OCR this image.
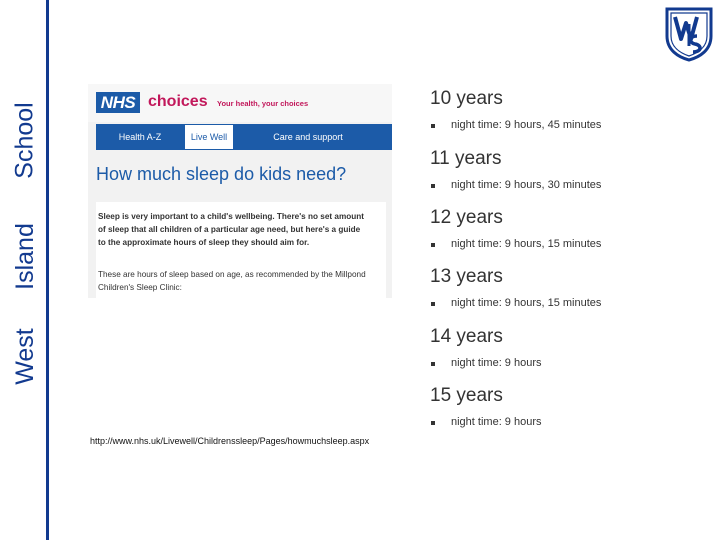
West
Island
School	NHS choices Your health, your choices
Health A-Z	Live Well	Care and support
How much sleep do kids need?

Sleep is very important to a child's wellbeing. There's no set amount of sleep that all children of a particular age need, but here's a guide to the approximate hours of sleep they should aim for.

These are hours of sleep based on age, as recommended by the Millpond Children's Sleep Clinic:

http://www.nhs.uk/Livewell/Childrenssleep/Pages/howmuchsleep.aspx
10 years
night time: 9 hours, 45 minutes
11 years
night time: 9 hours, 30 minutes
12 years
night time: 9 hours, 15 minutes
13 years
night time: 9 hours, 15 minutes
14 years
night time: 9 hours
15 years
night time: 9 hours
